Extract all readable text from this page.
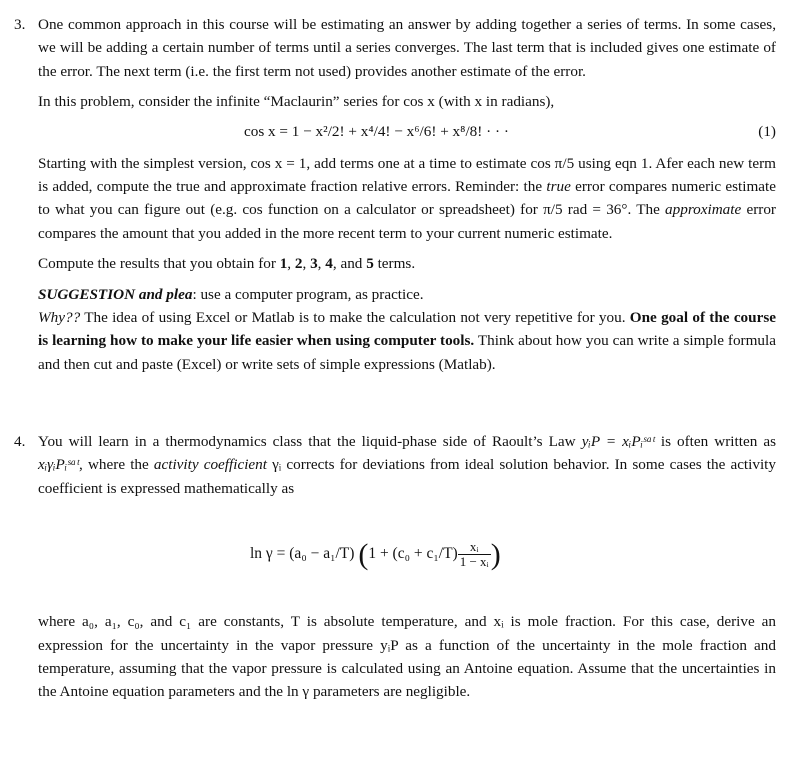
3. One common approach in this course will be estimating an answer by adding together a series of terms. In some cases, we will be adding a certain number of terms until a series converges. The last term that is included gives one estimate of the error. The next term (i.e. the first term not used) provides another estimate of the error.

In this problem, consider the infinite “Maclaurin” series for cos x (with x in radians),

cos x = 1 − x²/2! + x⁴/4! − x⁶/6! + x⁸/8! · · ·	(1)

Starting with the simplest version, cos x = 1, add terms one at a time to estimate cos π/5 using eqn 1. Afer each new term is added, compute the true and approximate fraction relative errors. Reminder: the true error compares numeric estimate to what you can figure out (e.g. cos function on a calculator or spreadsheet) for π/5 rad = 36°. The approximate error compares the amount that you added in the more recent term to your current numeric estimate.

Compute the results that you obtain for 1, 2, 3, 4, and 5 terms.

SUGGESTION and plea: use a computer program, as practice.

Why?? The idea of using Excel or Matlab is to make the calculation not very repetitive for you. One goal of the course is learning how to make your life easier when using computer tools. Think about how you can write a simple formula and then cut and paste (Excel) or write sets of simple expressions (Matlab).

4. You will learn in a thermodynamics class that the liquid-phase side of Raoult’s Law yᵢP = xᵢPᵢˢᵃᵗ is often written as xᵢγᵢPᵢˢᵃᵗ, where the activity coefficient γᵢ corrects for deviations from ideal solution behavior. In some cases the activity coefficient is expressed mathematically as

ln γ = (a₀ − a₁/T) ($1 + (c_0 + c_1/T) \frac{\text{xᵢ}}{\text{1 − xᵢ}}$ )

where a₀, a₁, c₀, and c₁ are constants, T is absolute temperature, and xᵢ is mole fraction. For this case, derive an expression for the uncertainty in the vapor pressure yᵢP as a function of the uncertainty in the mole fraction and temperature, assuming that the vapor pressure is calculated using an Antoine equation. Assume that the uncertainties in the Antoine equation parameters and the ln γ parameters are negligible.
